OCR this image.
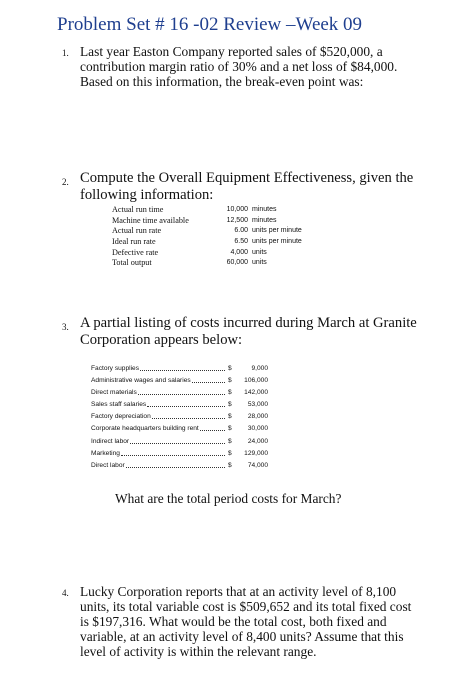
Problem Set # 16 -02 Review –Week 09
1. Last year Easton Company reported sales of $520,000, a contribution margin ratio of 30% and a net loss of $84,000. Based on this information, the break-even point was:
2. Compute the Overall Equipment Effectiveness, given the following information:
Actual run time	10,000 minutes
Machine time available	12,500 minutes
Actual run rate	6.00 units per minute
Ideal run rate	6.50 units per minute
Defective rate	4,000 units
Total output	60,000 units
3. A partial listing of costs incurred during March at Granite Corporation appears below:
Factory supplies	$	9,000
Administrative wages and salaries	$	106,000
Direct materials	$	142,000
Sales staff salaries	$	53,000
Factory depreciation	$	28,000
Corporate headquarters building rent	$	30,000
Indirect labor	$	24,000
Marketing	$	129,000
Direct labor	$	74,000
What are the total period costs for March?
4. Lucky Corporation reports that at an activity level of 8,100 units, its total variable cost is $509,652 and its total fixed cost is $197,316. What would be the total cost, both fixed and variable, at an activity level of 8,400 units? Assume that this level of activity is within the relevant range.
